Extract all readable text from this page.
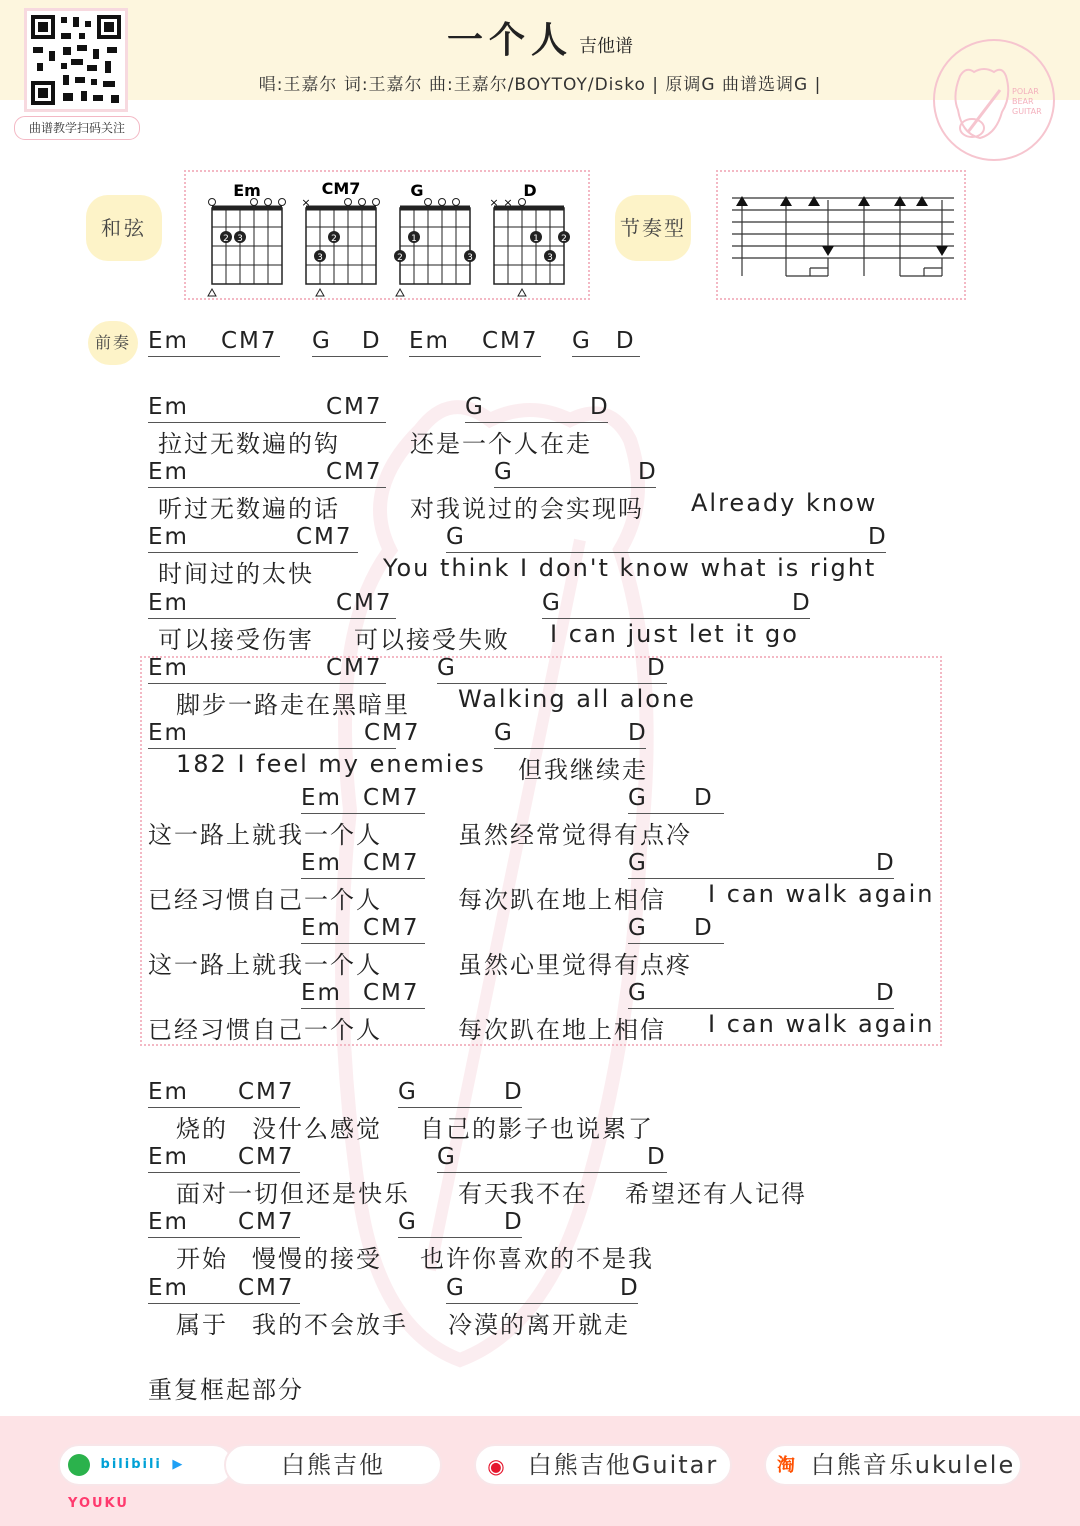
曲谱教学扫码关注
一个人 吉他谱
唱:王嘉尔 词:王嘉尔 曲:王嘉尔/BOYTOY/Disko | 原调G 曲谱选调G |	POLAR
BEAR
GUITAR
和弦	2 3
Em
×
2
3
CM7
1
2	3
G
× ×
1 2
3
D
节奏型
前奏 Em CM7 G D Em CM7 G D
Em	CM7	G	D
拉过无数遍的钩	还是一个人在走
Em	CM7	G	D
听过无数遍的话	对我说过的会实现吗 Already know
Em	CM7	G	D
时间过的太快	You think I don't know what is right
Em	CM7	G	D
可以接受伤害 可以接受失败 I can just let it go
Em	CM7 G	D
脚步一路走在黑暗里 Walking all alone
Em	CM7	G	D
182 I feel my enemies 但我继续走
Em CM7	G D
这一路上就我一个人	虽然经常觉得有点冷
Em CM7	G	D
已经习惯自己一个人	每次趴在地上相信 I can walk again
Em CM7	G D
这一路上就我一个人	虽然心里觉得有点疼
Em CM7	G	D
已经习惯自己一个人	每次趴在地上相信 I can walk again
Em CM7	G	D
烧的 没什么感觉 自己的影子也说累了
Em CM7	G	D
面对一切但还是快乐 有天我不在 希望还有人记得
Em CM7	G	D
开始 慢慢的接受 也许你喜欢的不是我
Em CM7	G	D
属于 我的不会放手 冷漠的离开就走
重复框起部分
bilibili ▶ YOUKU
白熊吉他	◉ 白熊吉他Guitar	淘 白熊音乐ukulele
